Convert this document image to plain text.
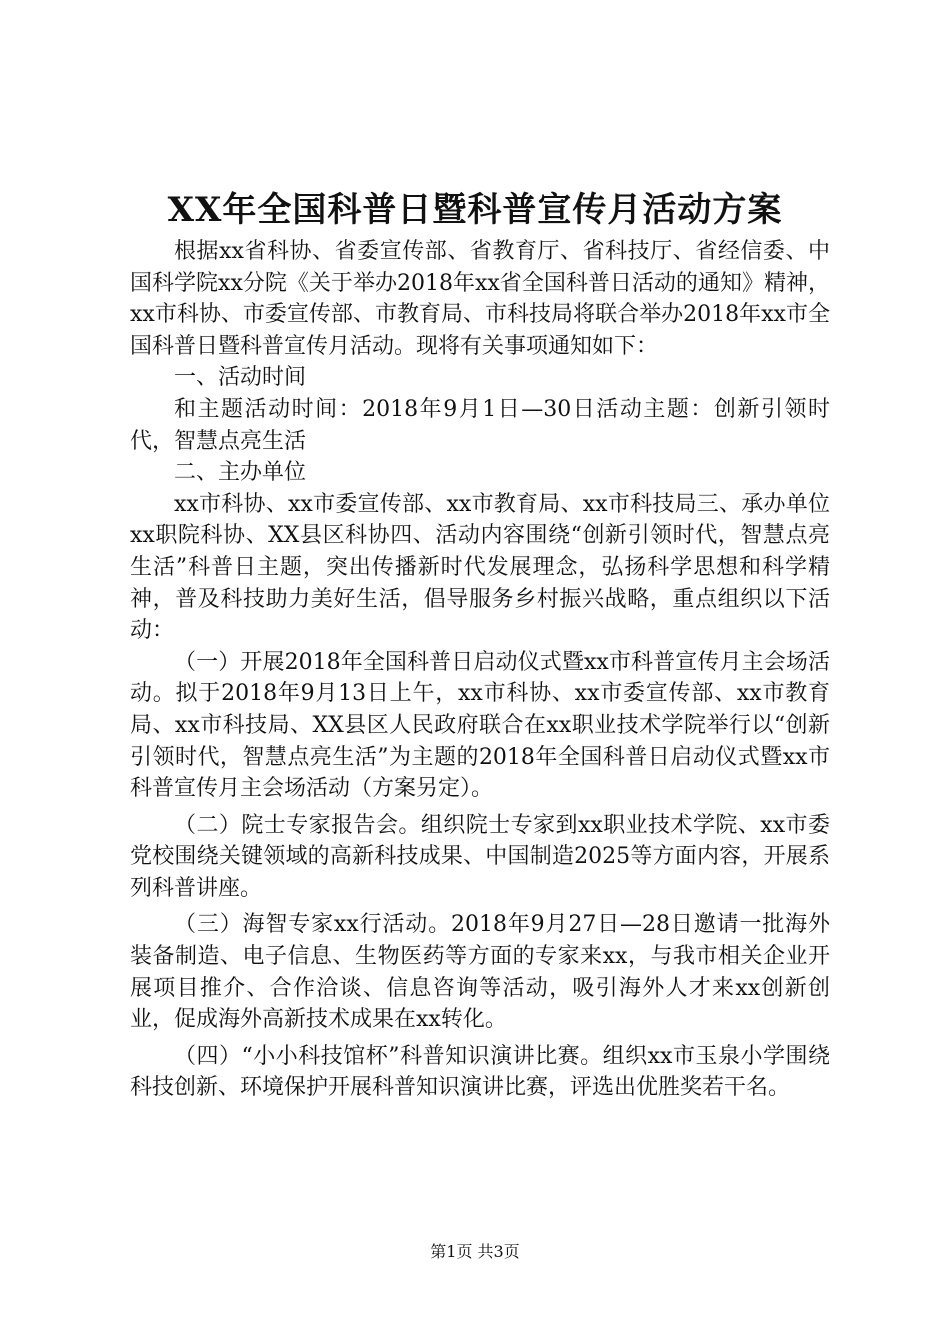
XX年全国科普日暨科普宣传月活动方案

根据xx省科协、省委宣传部、省教育厅、省科技厅、省经信委、中国科学院xx分院《关于举办2018年xx省全国科普日活动的通知》精神，xx市科协、市委宣传部、市教育局、市科技局将联合举办2018年xx市全国科普日暨科普宣传月活动。现将有关事项通知如下：

一、活动时间

和主题活动时间：2018年9月1日—30日活动主题：创新引领时代，智慧点亮生活

二、主办单位

xx市科协、xx市委宣传部、xx市教育局、xx市科技局三、承办单位xx职院科协、XX县区科协四、活动内容围绕“创新引领时代，智慧点亮生活”科普日主题，突出传播新时代发展理念，弘扬科学思想和科学精神，普及科技助力美好生活，倡导服务乡村振兴战略，重点组织以下活动：

（一）开展2018年全国科普日启动仪式暨xx市科普宣传月主会场活动。拟于2018年9月13日上午，xx市科协、xx市委宣传部、xx市教育局、xx市科技局、XX县区人民政府联合在xx职业技术学院举行以“创新引领时代，智慧点亮生活”为主题的2018年全国科普日启动仪式暨xx市科普宣传月主会场活动（方案另定）。

（二）院士专家报告会。组织院士专家到xx职业技术学院、xx市委党校围绕关键领域的高新科技成果、中国制造2025等方面内容，开展系列科普讲座。

（三）海智专家xx行活动。2018年9月27日—28日邀请一批海外装备制造、电子信息、生物医药等方面的专家来xx，与我市相关企业开展项目推介、合作洽谈、信息咨询等活动，吸引海外人才来xx创新创业，促成海外高新技术成果在xx转化。

（四）“小小科技馆杯”科普知识演讲比赛。组织xx市玉泉小学围绕科技创新、环境保护开展科普知识演讲比赛，评选出优胜奖若干名。

第1页 共3页
